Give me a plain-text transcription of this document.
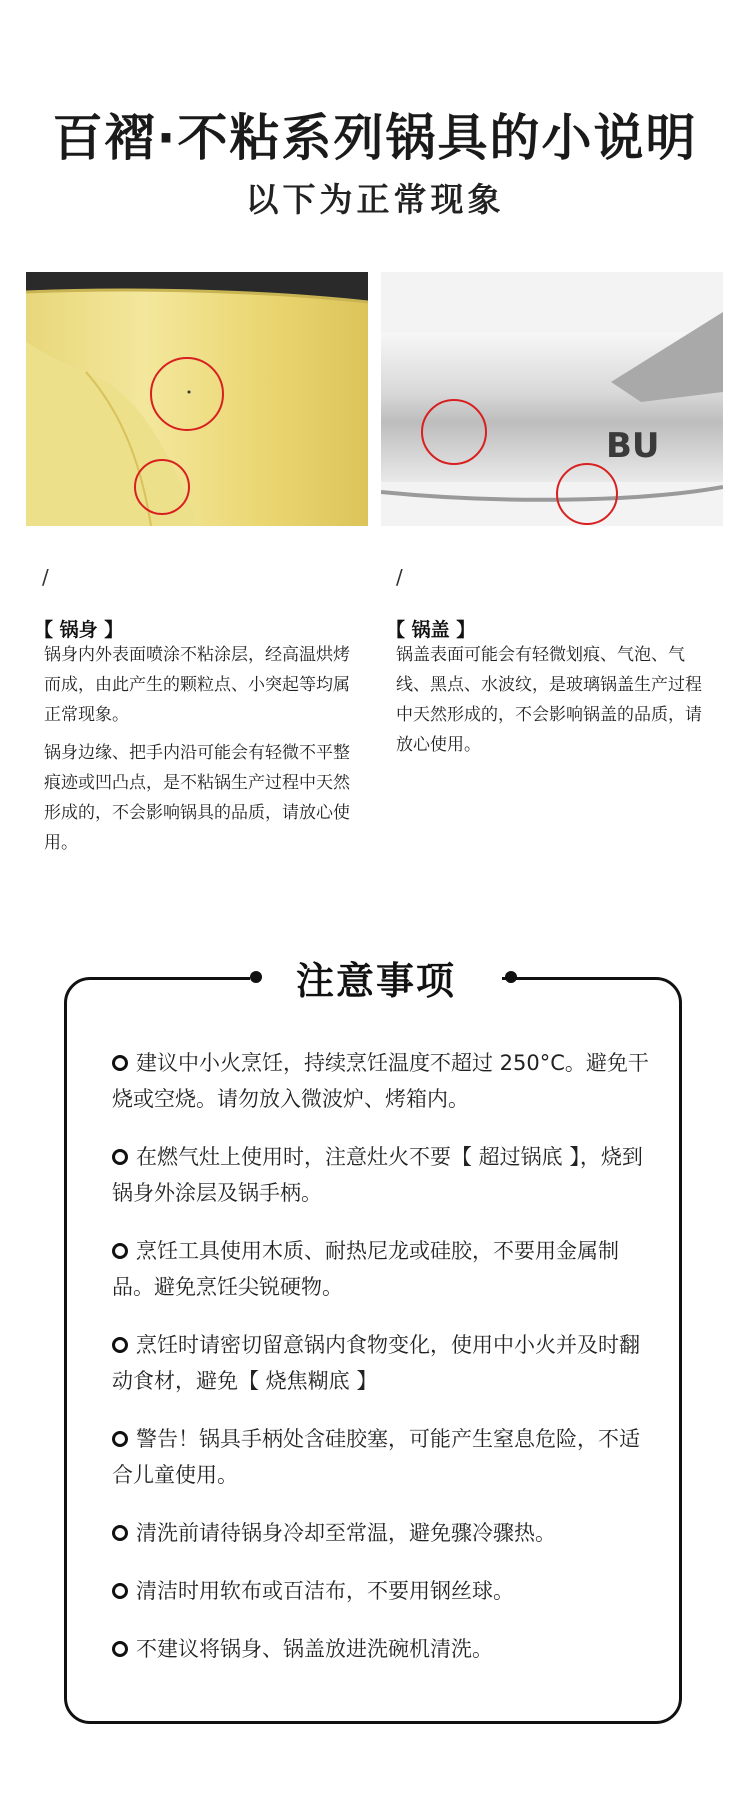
百褶·不粘系列锅具的小说明
以下为正常现象
BU
/
【 锅身 】

锅身内外表面喷涂不粘涂层，经高温烘烤而成，由此产生的颗粒点、小突起等均属正常现象。

锅身边缘、把手内沿可能会有轻微不平整痕迹或凹凸点，是不粘锅生产过程中天然形成的，不会影响锅具的品质，请放心使用。

/
【 锅盖 】

锅盖表面可能会有轻微划痕、气泡、气线、黑点、水波纹，是玻璃锅盖生产过程中天然形成的，不会影响锅盖的品质，请放心使用。

注意事项
建议中小火烹饪，持续烹饪温度不超过 250°C。避免干烧或空烧。请勿放入微波炉、烤箱内。
在燃气灶上使用时，注意灶火不要【 超过锅底 】，烧到锅身外涂层及锅手柄。
烹饪工具使用木质、耐热尼龙或硅胶，不要用金属制品。避免烹饪尖锐硬物。
烹饪时请密切留意锅内食物变化，使用中小火并及时翻动食材，避免【 烧焦糊底 】
警告！锅具手柄处含硅胶塞，可能产生窒息危险，不适合儿童使用。
清洗前请待锅身冷却至常温，避免骤冷骤热。
清洁时用软布或百洁布，不要用钢丝球。
不建议将锅身、锅盖放进洗碗机清洗。
